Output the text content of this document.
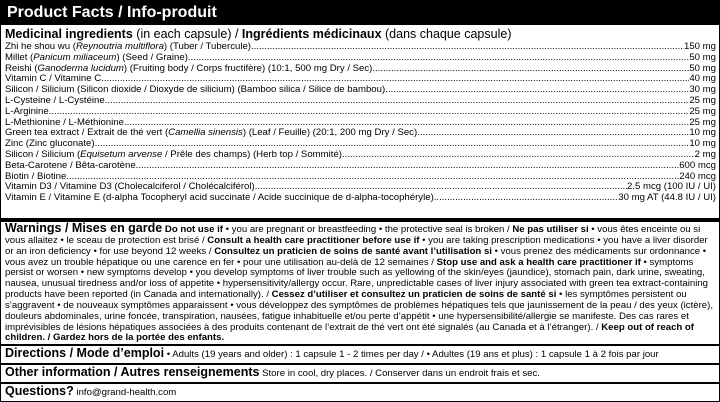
Product Facts / Info-produit
Medicinal ingredients (in each capsule) / Ingrédients médicinaux (dans chaque capsule)
Zhi he shou wu (Reynoutria multiflora) (Tuber / Tubercule) .....	150 mg
Millet (Panicum miliaceum) (Seed / Graine) .....	50 mg
Reishi (Ganoderma lucidum) (Fruiting body / Corps fructifère) (10:1, 500 mg Dry / Sec) .....	50 mg
Vitamin C / Vitamine C .....	40 mg
Silicon / Silicium (Silicon dioxide / Dioxyde de silicium) (Bamboo silica / Silice de bambou) .....	30 mg
L-Cysteine / L-Cystéine .....	25 mg
L-Arginine .....	25 mg
L-Methionine / L-Méthionine .....	25 mg
Green tea extract / Extrait de thé vert (Camellia sinensis) (Leaf / Feuille) (20:1, 200 mg Dry / Sec) .....	10 mg
Zinc (Zinc gluconate) .....	10 mg
Silicon / Silicium (Equisetum arvense / Prêle des champs) (Herb top / Sommité) .....	2 mg
Beta-Carotene / Bêta-carotène .....	600 mcg
Biotin / Biotine .....	240 mcg
Vitamin D3 / Vitamine D3 (Cholecalciferol / Cholécalciférol) .....	2.5 mcg (100 IU / UI)
Vitamin E / Vitamine E (d-alpha Tocopheryl acid succinate / Acide succinique de d-alpha-tocophéryle) .....	30 mg AT (44.8 IU / UI)
Warnings / Mises en garde Do not use if • you are pregnant or breastfeeding • the protective seal is broken / Ne pas utiliser si • vous êtes enceinte ou si vous allaitez • le sceau de protection est brisé / Consult a health care practitioner before use if • you are taking prescription medications • you have a liver disorder or an iron deficiency • for use beyond 12 weeks / Consultez un praticien de soins de santé avant l’utilisation si • vous prenez des médicaments sur ordonnance • vous avez un trouble hépatique ou une carence en fer • pour une utilisation au-delà de 12 semaines / Stop use and ask a health care practitioner if • symptoms persist or worsen • new symptoms develop • you develop symptoms of liver trouble such as yellowing of the skin/eyes (jaundice), stomach pain, dark urine, sweating, nausea, unusual tiredness and/or loss of appetite • hypersensitivity/allergy occur. Rare, unpredictable cases of liver injury associated with green tea extract-containing products have been reported (in Canada and internationally). / Cessez d’utiliser et consultez un praticien de soins de santé si • les symptômes persistent ou s’aggravent • de nouveaux symptômes apparaissent • vous développez des symptômes de problèmes hépatiques tels que jaunissement de la peau / des yeux (ictère), douleurs abdominales, urine foncée, transpiration, nausées, fatigue inhabituelle et/ou perte d’appétit • une hypersensibilité/allergie se manifeste. Des cas rares et imprévisibles de lésions hépatiques associées à des produits contenant de l’extrait de thé vert ont été signalés (au Canada et à l’étranger). / Keep out of reach of children. / Gardez hors de la portée des enfants.
Directions / Mode d’emploi • Adults (19 years and older) : 1 capsule 1 - 2 times per day / • Adultes (19 ans et plus) : 1 capsule 1 à 2 fois par jour
Other information / Autres renseignements Store in cool, dry places. / Conserver dans un endroit frais et sec.
Questions? info@grand-health.com
